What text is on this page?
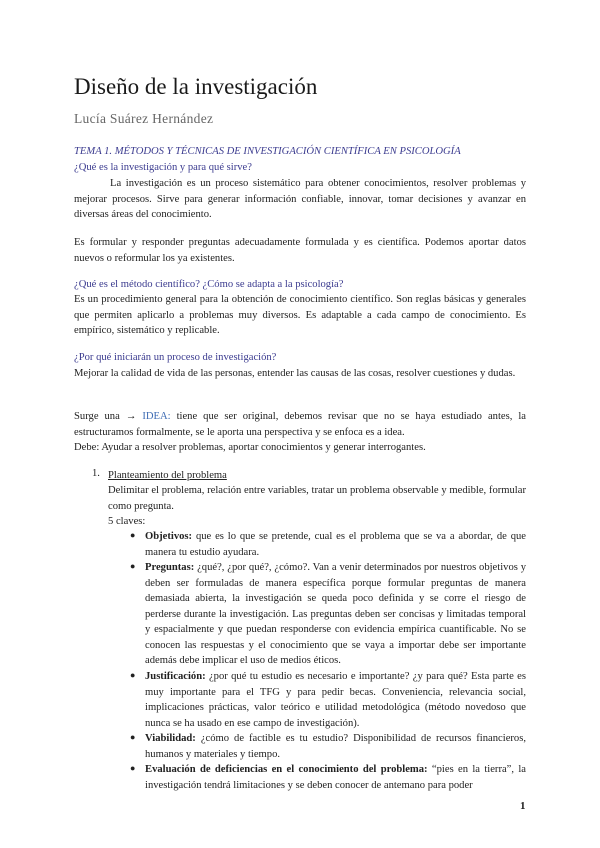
Diseño de la investigación
Lucía Suárez Hernández

TEMA 1. MÉTODOS Y TÉCNICAS DE INVESTIGACIÓN CIENTÍFICA EN PSICOLOGÍA

¿Qué es la investigación y para qué sirve?

La investigación es un proceso sistemático para obtener conocimientos, resolver problemas y mejorar procesos. Sirve para generar información confiable, innovar, tomar decisiones y avanzar en diversas áreas del conocimiento.

Es formular y responder preguntas adecuadamente formulada y es científica. Podemos aportar datos nuevos o reformular los ya existentes.

¿Qué es el método científico? ¿Cómo se adapta a la psicología?

Es un procedimiento general para la obtención de conocimiento científico. Son reglas básicas y generales que permiten aplicarlo a problemas muy diversos. Es adaptable a cada campo de conocimiento. Es empírico, sistemático y replicable.

¿Por qué iniciarán un proceso de investigación?

Mejorar la calidad de vida de las personas, entender las causas de las cosas, resolver cuestiones y dudas.

Surge una → IDEA: tiene que ser original, debemos revisar que no se haya estudiado antes, la estructuramos formalmente, se le aporta una perspectiva y se enfoca es a idea.

Debe: Ayudar a resolver problemas, aportar conocimientos y generar interrogantes.

1. Planteamiento del problema

Delimitar el problema, relación entre variables, tratar un problema observable y medible, formular como pregunta.

5 claves:

● Objetivos: que es lo que se pretende, cual es el problema que se va a abordar, de que manera tu estudio ayudara.

● Preguntas: ¿qué?, ¿por qué?, ¿cómo?. Van a venir determinados por nuestros objetivos y deben ser formuladas de manera específica porque formular preguntas de manera demasiada abierta, la investigación se queda poco definida y se corre el riesgo de perderse durante la investigación. Las preguntas deben ser concisas y limitadas temporal y espacialmente y que puedan responderse con evidencia empírica cuantificable. No se conocen las respuestas y el conocimiento que se vaya a importar debe ser importante además debe implicar el uso de medios éticos.

● Justificación: ¿por qué tu estudio es necesario e importante? ¿y para qué? Esta parte es muy importante para el TFG y para pedir becas. Conveniencia, relevancia social, implicaciones prácticas, valor teórico e utilidad metodológica (método novedoso que nunca se ha usado en ese campo de investigación).

● Viabilidad: ¿cómo de factible es tu estudio? Disponibilidad de recursos financieros, humanos y materiales y tiempo.

● Evaluación de deficiencias en el conocimiento del problema: “pies en la tierra”, la investigación tendrá limitaciones y se deben conocer de antemano para poder

1
